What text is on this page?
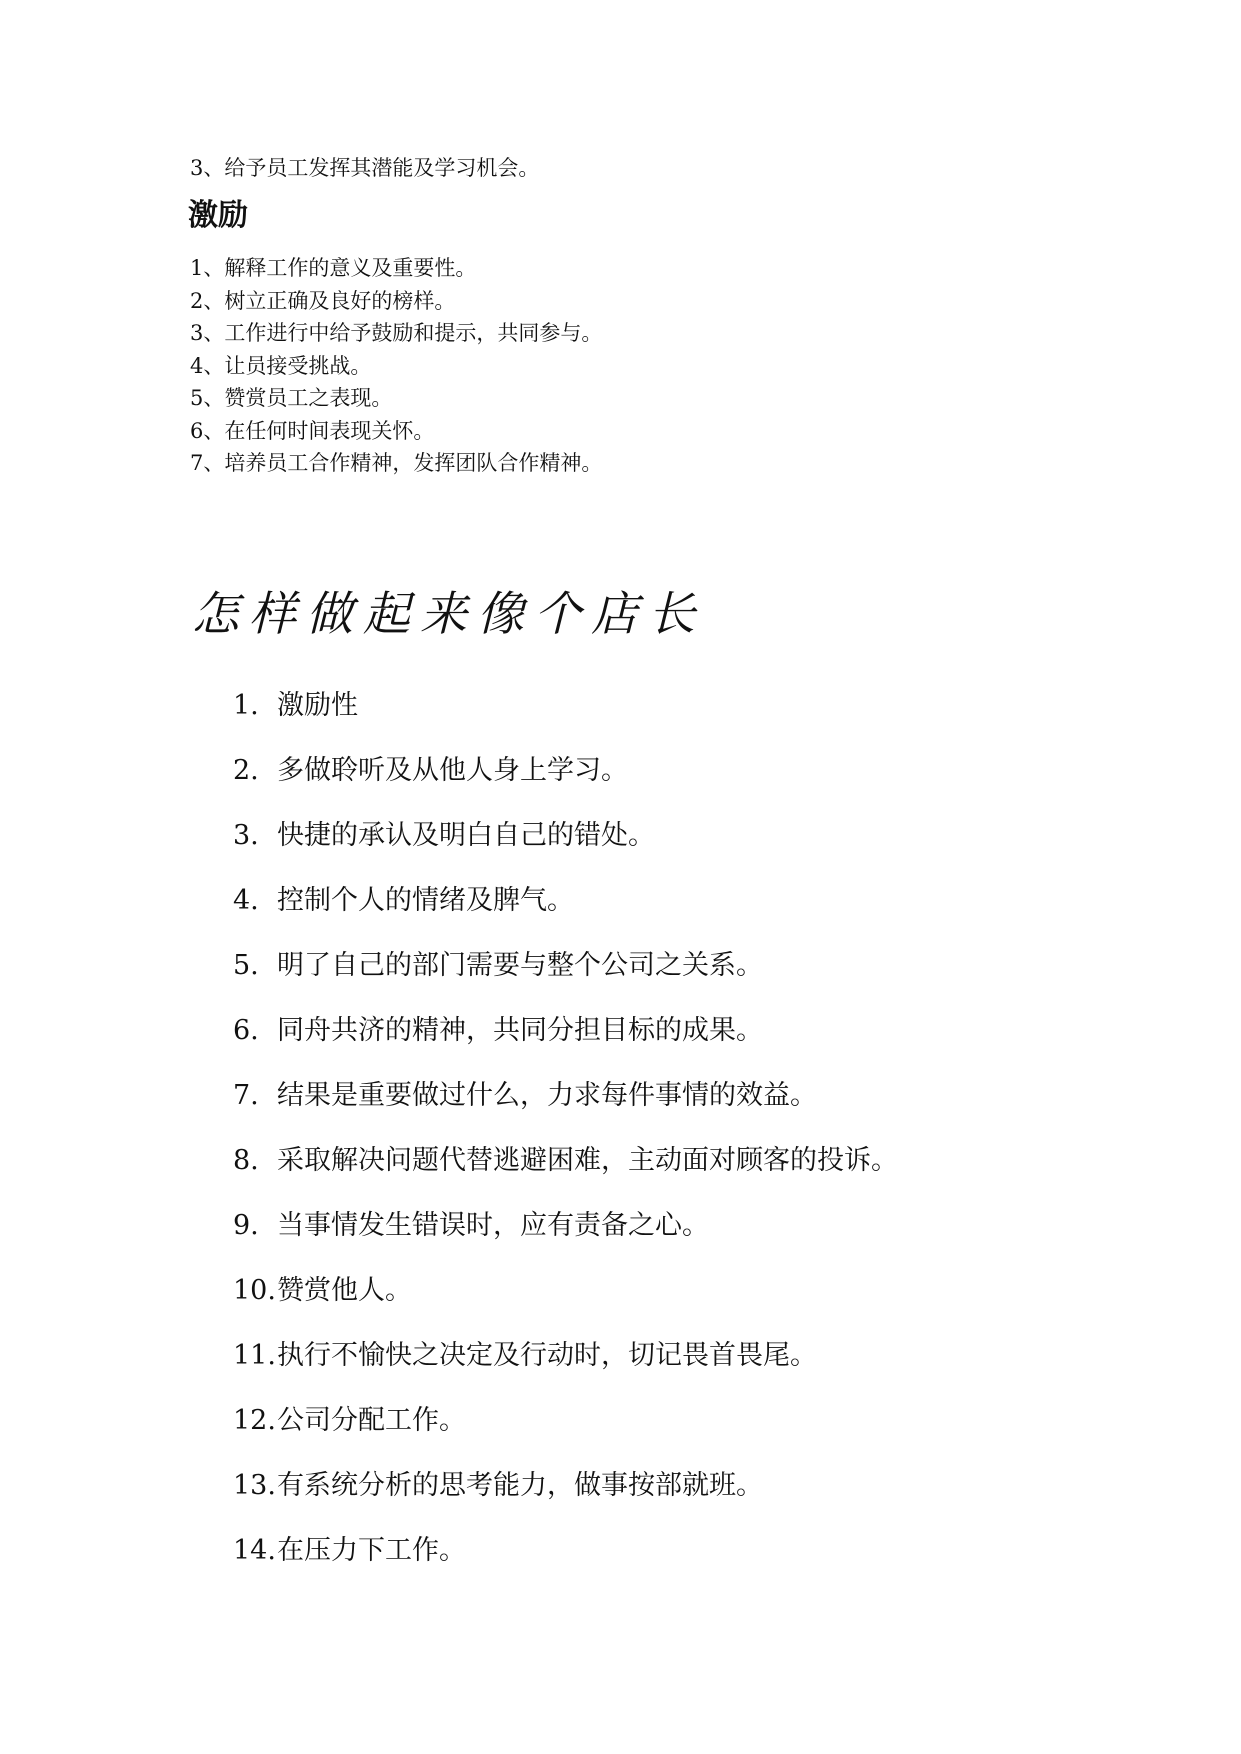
3、给予员工发挥其潜能及学习机会。
激励
1、解释工作的意义及重要性。
2、树立正确及良好的榜样。
3、工作进行中给予鼓励和提示，共同参与。
4、让员接受挑战。
5、赞赏员工之表现。
6、在任何时间表现关怀。
7、培养员工合作精神，发挥团队合作精神。
怎样做起来像个店长
1. 激励性
2. 多做聆听及从他人身上学习。
3. 快捷的承认及明白自己的错处。
4. 控制个人的情绪及脾气。
5. 明了自己的部门需要与整个公司之关系。
6. 同舟共济的精神，共同分担目标的成果。
7. 结果是重要做过什么，力求每件事情的效益。
8. 采取解决问题代替逃避困难，主动面对顾客的投诉。
9. 当事情发生错误时，应有责备之心。
10. 赞赏他人。
11. 执行不愉快之决定及行动时，切记畏首畏尾。
12. 公司分配工作。
13. 有系统分析的思考能力，做事按部就班。
14. 在压力下工作。
